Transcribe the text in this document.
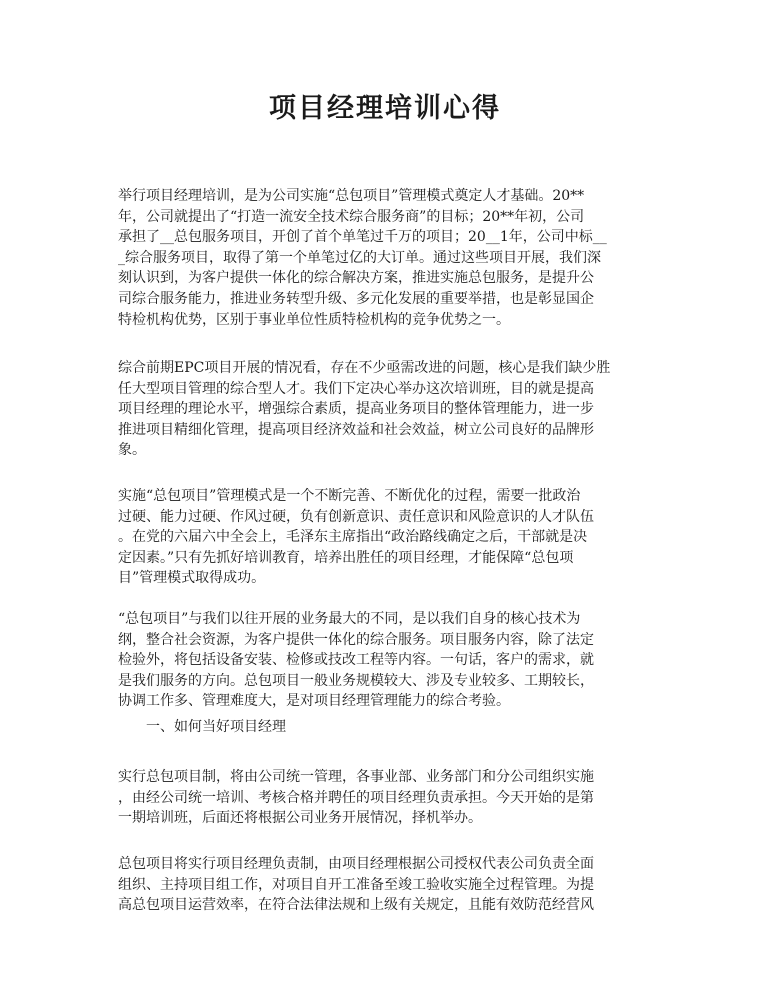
项目经理培训心得
举行项目经理培训，是为公司实施“总包项目”管理模式奠定人才基础。20**
年，公司就提出了“打造一流安全技术综合服务商”的目标；20**年初，公司
承担了__总包服务项目，开创了首个单笔过千万的项目；20__1年，公司中标__
_综合服务项目，取得了第一个单笔过亿的大订单。通过这些项目开展，我们深
刻认识到，为客户提供一体化的综合解决方案，推进实施总包服务，是提升公
司综合服务能力，推进业务转型升级、多元化发展的重要举措，也是彰显国企
特检机构优势，区别于事业单位性质特检机构的竞争优势之一。
综合前期EPC项目开展的情况看，存在不少亟需改进的问题，核心是我们缺少胜
任大型项目管理的综合型人才。我们下定决心举办这次培训班，目的就是提高
项目经理的理论水平，增强综合素质，提高业务项目的整体管理能力，进一步
推进项目精细化管理，提高项目经济效益和社会效益，树立公司良好的品牌形
象。
实施“总包项目”管理模式是一个不断完善、不断优化的过程，需要一批政治
过硬、能力过硬、作风过硬，负有创新意识、责任意识和风险意识的人才队伍
。在党的六届六中全会上，毛泽东主席指出“政治路线确定之后，干部就是决
定因素。”只有先抓好培训教育，培养出胜任的项目经理，才能保障“总包项
目”管理模式取得成功。
“总包项目”与我们以往开展的业务最大的不同，是以我们自身的核心技术为
纲，整合社会资源，为客户提供一体化的综合服务。项目服务内容，除了法定
检验外，将包括设备安装、检修或技改工程等内容。一句话，客户的需求，就
是我们服务的方向。总包项目一般业务规模较大、涉及专业较多、工期较长，
协调工作多、管理难度大，是对项目经理管理能力的综合考验。

一、如何当好项目经理

实行总包项目制，将由公司统一管理，各事业部、业务部门和分公司组织实施
，由经公司统一培训、考核合格并聘任的项目经理负责承担。今天开始的是第
一期培训班，后面还将根据公司业务开展情况，择机举办。
总包项目将实行项目经理负责制，由项目经理根据公司授权代表公司负责全面
组织、主持项目组工作，对项目自开工准备至竣工验收实施全过程管理。为提
高总包项目运营效率，在符合法律法规和上级有关规定，且能有效防范经营风
